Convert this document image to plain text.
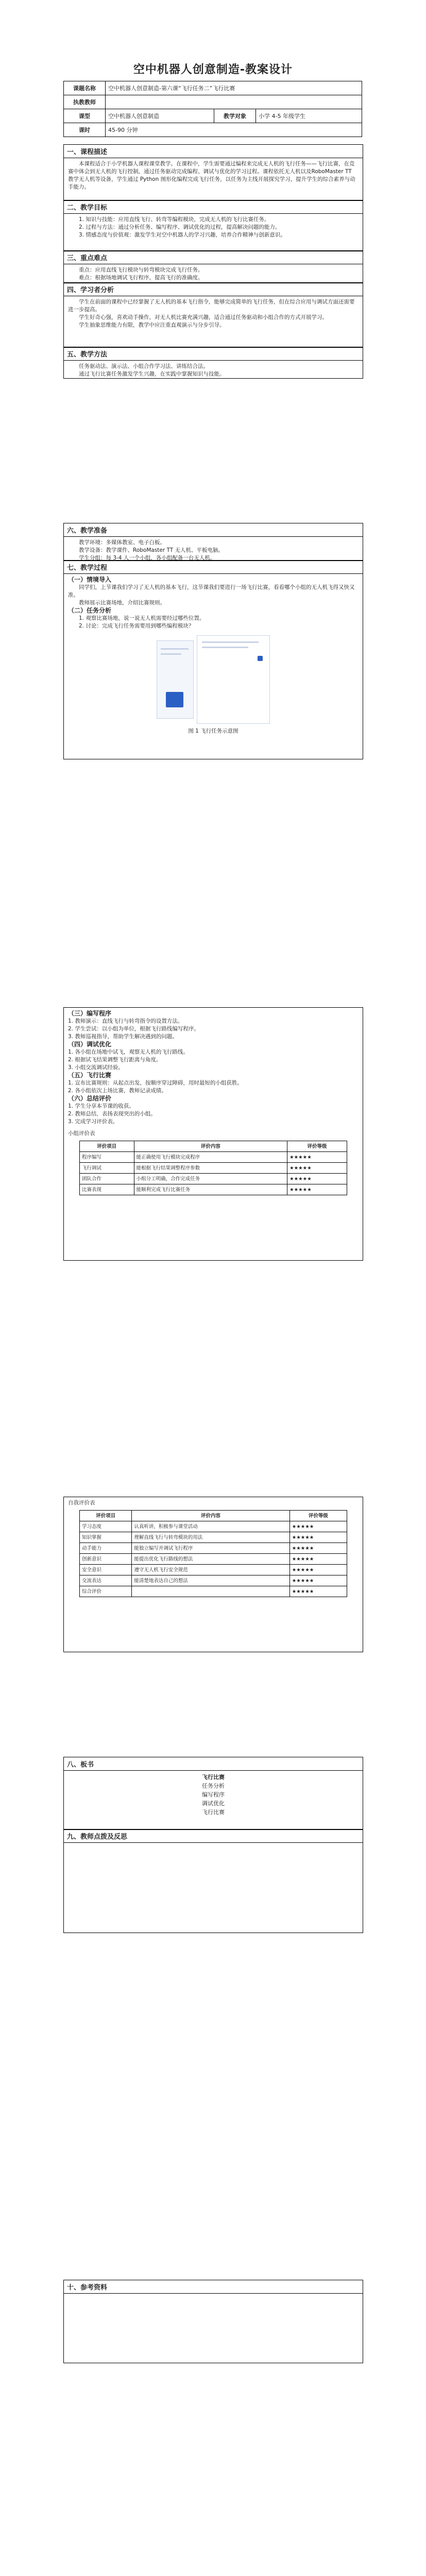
空中机器人创意制造-教案设计
课题名称	空中机器人创意制造-第六课“飞行任务二”飞行比赛		
执教教师			
课型	空中机器人创意制造	教学对象	小学 4-5 年级学生
课时	45-90 分钟		
一、课程描述

本课程适合于小学机器人课程课堂教学。在课程中，学生需要通过编程来完成无人机的飞行任务——飞行比赛，在竞赛中体会到无人机的飞行控制，通过任务驱动完成编程、调试与优化的学习过程。课程依托无人机以及RoboMaster TT 教学无人机等设备，学生通过 Python 图形化编程完成飞行任务，以任务为主线开展探究学习，提升学生的综合素养与动手能力。

二、教学目标

1. 知识与技能：应用直线飞行、转弯等编程模块，完成无人机的飞行比赛任务。

2. 过程与方法：通过分析任务、编写程序、调试优化的过程，提高解决问题的能力。

3. 情感态度与价值观：激发学生对空中机器人的学习兴趣，培养合作精神与创新意识。

三、重点难点

重点：应用直线飞行模块与转弯模块完成飞行任务。

难点：根据场地调试飞行程序，提高飞行的准确度。

四、学习者分析

学生在前面的课程中已经掌握了无人机的基本飞行指令，能够完成简单的飞行任务，但在综合应用与调试方面还需要进一步提高。

学生好奇心强，喜欢动手操作，对无人机比赛充满兴趣，适合通过任务驱动和小组合作的方式开展学习。

学生抽象思维能力有限，教学中应注重直观演示与分步引导。

五、教学方法

任务驱动法、演示法、小组合作学习法、讲练结合法。

通过飞行比赛任务激发学生兴趣，在实践中掌握知识与技能。

六、教学准备

教学环境：多媒体教室、电子白板。

教学设备：教学课件、RoboMaster TT 无人机、平板电脑。

学生分组：每 3-4 人一个小组，各小组配备一台无人机。

七、教学过程
（一）情境导入

同学们，上节课我们学习了无人机的基本飞行，这节课我们要进行一场飞行比赛，看看哪个小组的无人机飞得又快又准。

教师展示比赛场地，介绍比赛规则。

（二）任务分析

1. 观察比赛场地，说一说无人机需要经过哪些位置。

2. 讨论：完成飞行任务需要用到哪些编程模块？

图 1 飞行任务示意图

（三）编写程序

1. 教师演示：直线飞行与转弯指令的设置方法。

2. 学生尝试：以小组为单位，根据飞行路线编写程序。

3. 教师巡视指导，帮助学生解决遇到的问题。

（四）调试优化

1. 各小组在场地中试飞，观察无人机的飞行路线。

2. 根据试飞结果调整飞行距离与角度。

3. 小组交流调试经验。

（五）飞行比赛

1. 宣布比赛规则：从起点出发，按顺序穿过障碍，用时最短的小组获胜。

2. 各小组依次上场比赛，教师记录成绩。

（六）总结评价

1. 学生分享本节课的收获。

2. 教师总结，表扬表现突出的小组。

3. 完成学习评价表。

小组评价表
评价项目	评价内容	评价等级
程序编写	能正确使用飞行模块完成程序	★★★★★
飞行调试	能根据飞行结果调整程序参数	★★★★★
团队合作	小组分工明确，合作完成任务	★★★★★
比赛表现	能顺利完成飞行比赛任务	★★★★★
自我评价表
评价项目	评价内容	评价等级
学习态度	认真听讲，积极参与课堂活动	★★★★★
知识掌握	理解直线飞行与转弯模块的用法	★★★★★
动手能力	能独立编写并调试飞行程序	★★★★★
创新意识	能提出优化飞行路线的想法	★★★★★
安全意识	遵守无人机飞行安全规范	★★★★★
交流表达	能清楚地表达自己的想法	★★★★★
综合评价		★★★★★
八、板书
飞行比赛
任务分析
编写程序
调试优化
飞行比赛
九、教师点拨及反思
十、参考资料
